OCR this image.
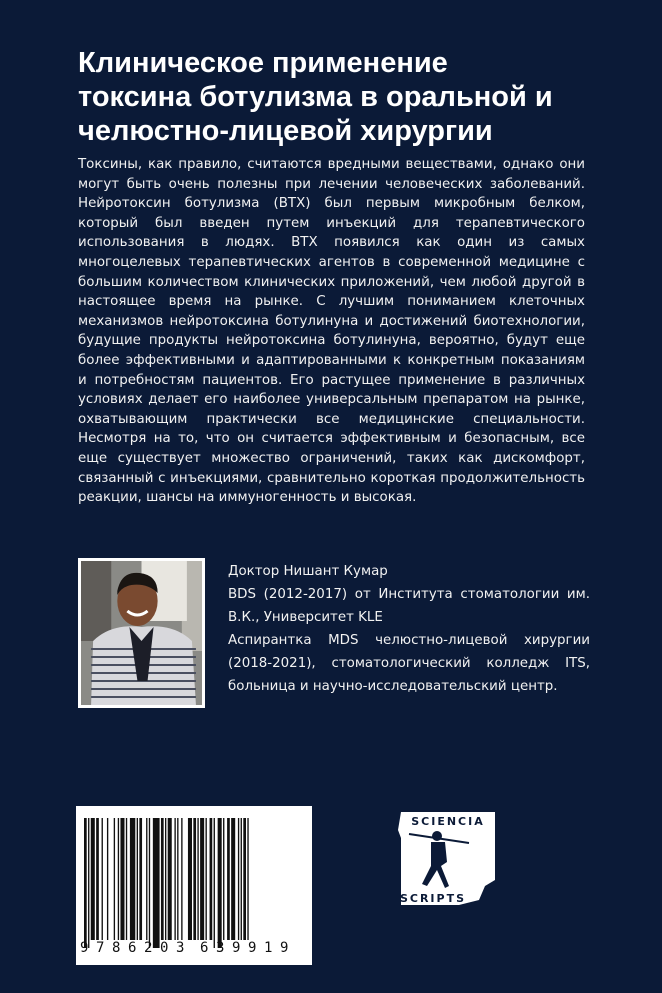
Клиническое применение
токсина ботулизма в оральной и
челюстно-лицевой хирургии

Токсины, как правило, считаются вредными веществами, однако они могут быть очень полезны при лечении человеческих заболеваний. Нейротоксин ботулизма (BTX) был первым микробным белком, который был введен путем инъекций для терапевтического использования в людях. BTX появился как один из самых многоцелевых терапевтических агентов в современной медицине с большим количеством клинических приложений, чем любой другой в настоящее время на рынке. С лучшим пониманием клеточных механизмов нейротоксина ботулинуна и достижений биотехнологии, будущие продукты нейротоксина ботулинуна, вероятно, будут еще более эффективными и адаптированными к конкретным показаниям и потребностям пациентов. Его растущее применение в различных условиях делает его наиболее универсальным препаратом на рынке, охватывающим практически все медицинские специальности. Несмотря на то, что он считается эффективным и безопасным, все еще существует множество ограничений, таких как дискомфорт, связанный с инъекциями, сравнительно короткая продолжительность реакции, шансы на иммуногенность и высокая.

Доктор Нишант Кумар
BDS (2012-2017) от Института стоматологии им. В.К., Университет KLE
Аспирантка MDS челюстно-лицевой хирургии (2018-2021), стоматологический колледж ITS, больница и научно-исследовательский центр.
9 7 8 6 2 0 3 6 3 9 9 1 9
SCIENCIA
SCRIPTS
